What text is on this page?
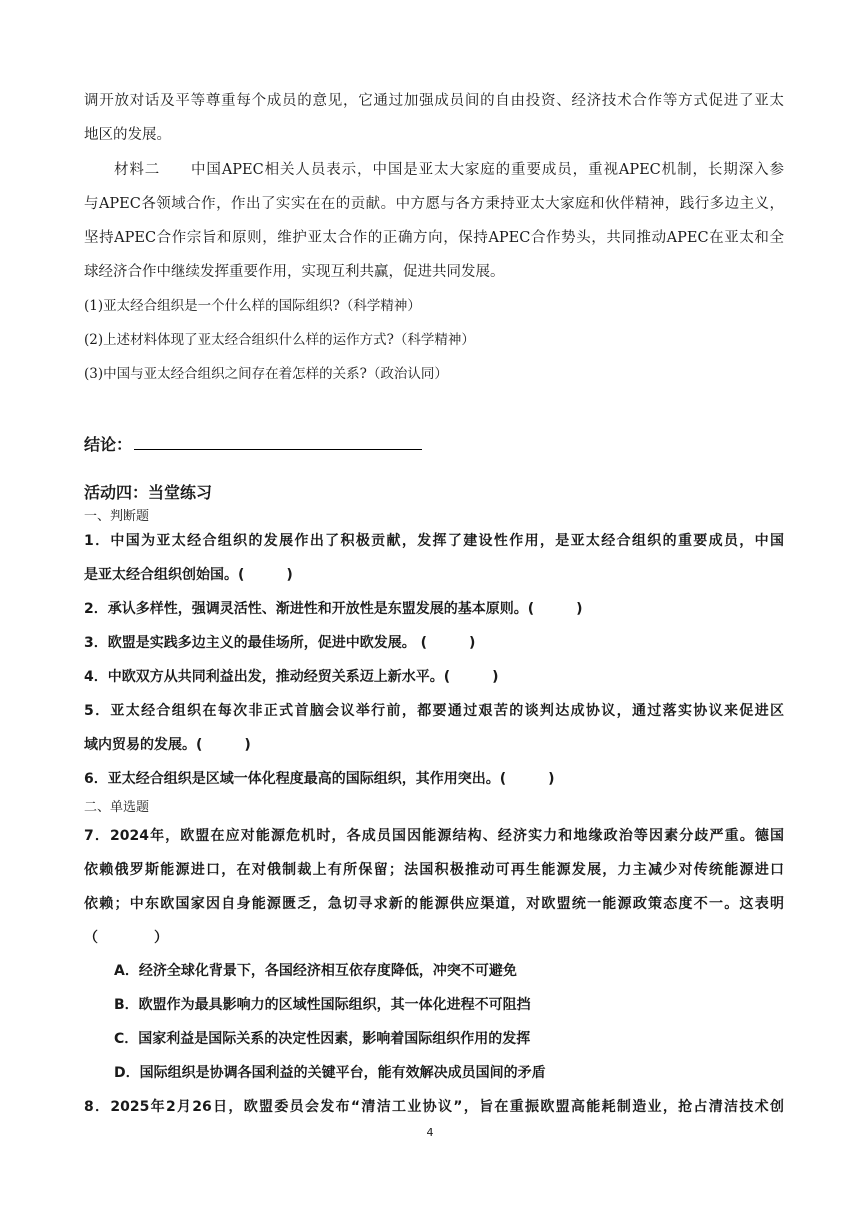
调开放对话及平等尊重每个成员的意见，它通过加强成员间的自由投资、经济技术合作等方式促进了亚太

地区的发展。

材料二　　中国APEC相关人员表示，中国是亚太大家庭的重要成员，重视APEC机制，长期深入参

与APEC各领域合作，作出了实实在在的贡献。中方愿与各方秉持亚太大家庭和伙伴精神，践行多边主义，

坚持APEC合作宗旨和原则，维护亚太合作的正确方向，保持APEC合作势头，共同推动APEC在亚太和全

球经济合作中继续发挥重要作用，实现互利共赢，促进共同发展。

(1)亚太经合组织是一个什么样的国际组织?（科学精神）

(2)上述材料体现了亚太经合组织什么样的运作方式?（科学精神）

(3)中国与亚太经合组织之间存在着怎样的关系?（政治认同）

结论：

活动四：当堂练习

一、判断题

1．中国为亚太经合组织的发展作出了积极贡献，发挥了建设性作用，是亚太经合组织的重要成员，中国

是亚太经合组织创始国。(　　　)

2．承认多样性，强调灵活性、渐进性和开放性是东盟发展的基本原则。(　　　)

3．欧盟是实践多边主义的最佳场所，促进中欧发展。 (　　　)

4．中欧双方从共同利益出发，推动经贸关系迈上新水平。(　　　)

5．亚太经合组织在每次非正式首脑会议举行前，都要通过艰苦的谈判达成协议，通过落实协议来促进区

域内贸易的发展。(　　　)

6．亚太经合组织是区域一体化程度最高的国际组织，其作用突出。(　　　)

二、单选题

7．2024年，欧盟在应对能源危机时，各成员国因能源结构、经济实力和地缘政治等因素分歧严重。德国

依赖俄罗斯能源进口，在对俄制裁上有所保留；法国积极推动可再生能源发展，力主减少对传统能源进口

依赖；中东欧国家因自身能源匮乏，急切寻求新的能源供应渠道，对欧盟统一能源政策态度不一。这表明

（　　　　）

A．经济全球化背景下，各国经济相互依存度降低，冲突不可避免

B．欧盟作为最具影响力的区域性国际组织，其一体化进程不可阻挡

C．国家利益是国际关系的决定性因素，影响着国际组织作用的发挥

D．国际组织是协调各国利益的关键平台，能有效解决成员国间的矛盾

8．2025年2月26日，欧盟委员会发布“清洁工业协议”，旨在重振欧盟高能耗制造业，抢占清洁技术创

4
